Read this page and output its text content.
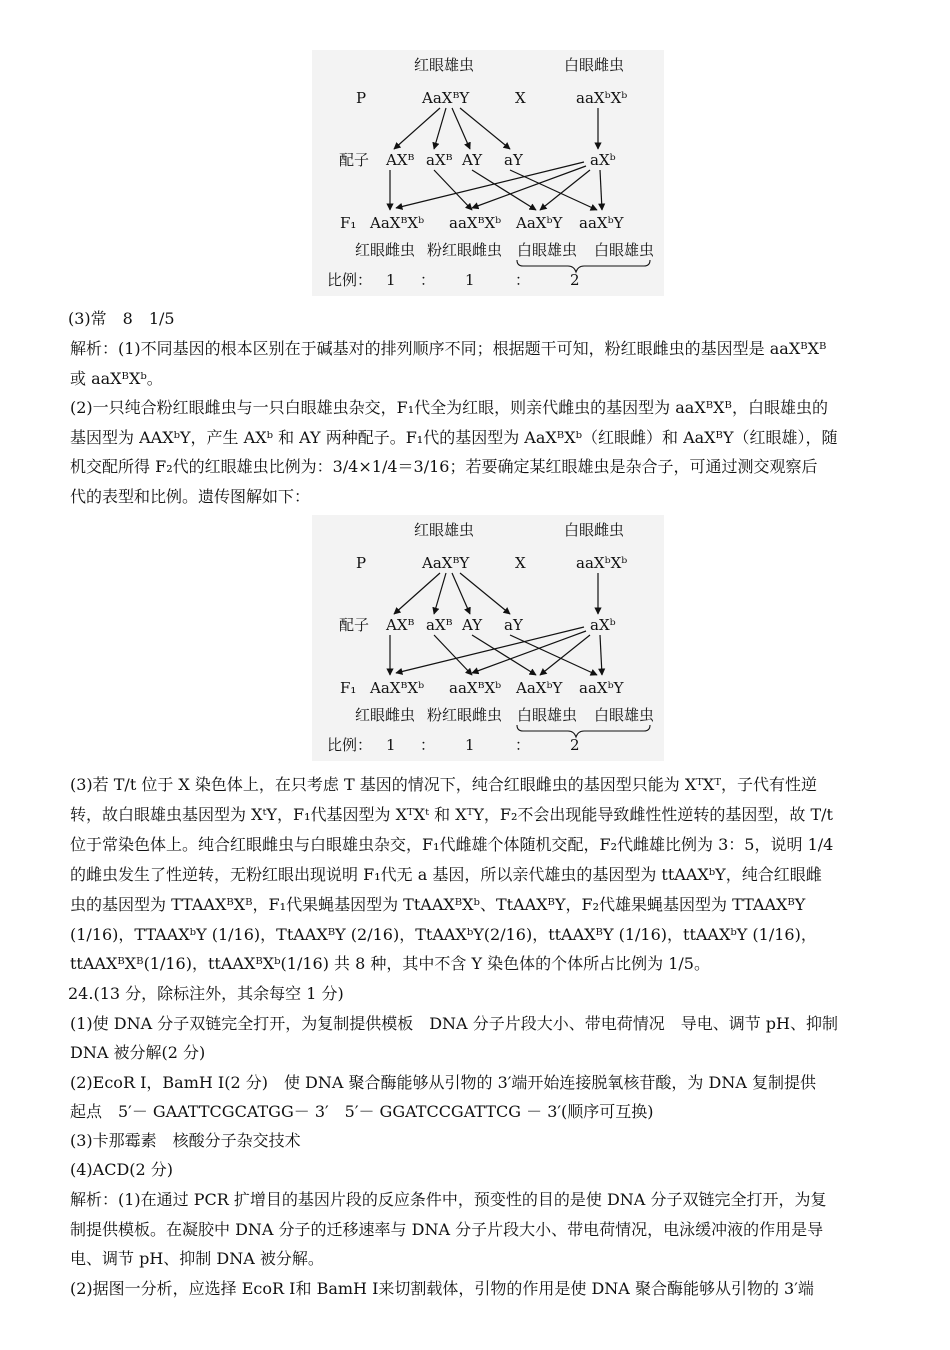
红眼雄虫	白眼雌虫
P	AaXᴮY	X	aaXᵇXᵇ
配子 AXᴮ aXᴮ AY aY	aXᵇ
F₁ AaXᴮXᵇ aaXᴮXᵇ AaXᵇY aaXᵇY
红眼雌虫 粉红眼雌虫 白眼雄虫 白眼雄虫
比例： 1 ： 1	：	2
红眼雄虫	白眼雌虫
P	AaXᴮY	X	aaXᵇXᵇ
配子 AXᴮ aXᴮ AY aY	aXᵇ
F₁ AaXᴮXᵇ aaXᴮXᵇ AaXᵇY aaXᵇY
红眼雌虫 粉红眼雌虫 白眼雄虫 白眼雄虫
比例： 1 ： 1	：	2
(3)常　8　1/5
解析：(1)不同基因的根本区别在于碱基对的排列顺序不同；根据题干可知，粉红眼雌虫的基因型是 aaXᴮXᴮ
或 aaXᴮXᵇ。
(2)一只纯合粉红眼雌虫与一只白眼雄虫杂交，F₁代全为红眼，则亲代雌虫的基因型为 aaXᴮXᴮ，白眼雄虫的
基因型为 AAXᵇY，产生 AXᵇ 和 AY 两种配子。F₁代的基因型为 AaXᴮXᵇ（红眼雌）和 AaXᴮY（红眼雄），随
机交配所得 F₂代的红眼雄虫比例为：3/4×1/4＝3/16；若要确定某红眼雄虫是杂合子，可通过测交观察后
代的表型和比例。遗传图解如下：
(3)若 T/t 位于 X 染色体上，在只考虑 T 基因的情况下，纯合红眼雌虫的基因型只能为 XᵀXᵀ，子代有性逆
转，故白眼雄虫基因型为 XᵗY，F₁代基因型为 XᵀXᵗ 和 XᵀY，F₂不会出现能导致雌性性逆转的基因型，故 T/t
位于常染色体上。纯合红眼雌虫与白眼雄虫杂交，F₁代雌雄个体随机交配，F₂代雌雄比例为 3：5，说明 1/4
的雌虫发生了性逆转，无粉红眼出现说明 F₁代无 a 基因，所以亲代雄虫的基因型为 ttAAXᵇY，纯合红眼雌
虫的基因型为 TTAAXᴮXᴮ，F₁代果蝇基因型为 TtAAXᴮXᵇ、TtAAXᴮY，F₂代雄果蝇基因型为 TTAAXᴮY
(1/16)，TTAAXᵇY (1/16)，TtAAXᴮY (2/16)，TtAAXᵇY(2/16)，ttAAXᴮY (1/16)，ttAAXᵇY (1/16)，
ttAAXᴮXᴮ(1/16)，ttAAXᴮXᵇ(1/16) 共 8 种，其中不含 Y 染色体的个体所占比例为 1/5。
24.(13 分，除标注外，其余每空 1 分)
(1)使 DNA 分子双链完全打开，为复制提供模板　DNA 分子片段大小、带电荷情况　导电、调节 pH、抑制
DNA 被分解(2 分)
(2)EcoR Ⅰ，BamH Ⅰ(2 分)　使 DNA 聚合酶能够从引物的 3′端开始连接脱氧核苷酸，为 DNA 复制提供
起点　5′－ GAATTCGCATGG－ 3′　5′－ GGATCCGATTCG － 3′(顺序可互换)
(3)卡那霉素　核酸分子杂交技术
(4)ACD(2 分)
解析：(1)在通过 PCR 扩增目的基因片段的反应条件中，预变性的目的是使 DNA 分子双链完全打开，为复
制提供模板。在凝胶中 DNA 分子的迁移速率与 DNA 分子片段大小、带电荷情况，电泳缓冲液的作用是导
电、调节 pH、抑制 DNA 被分解。
(2)据图一分析，应选择 EcoR Ⅰ和 BamH Ⅰ来切割载体，引物的作用是使 DNA 聚合酶能够从引物的 3′端
